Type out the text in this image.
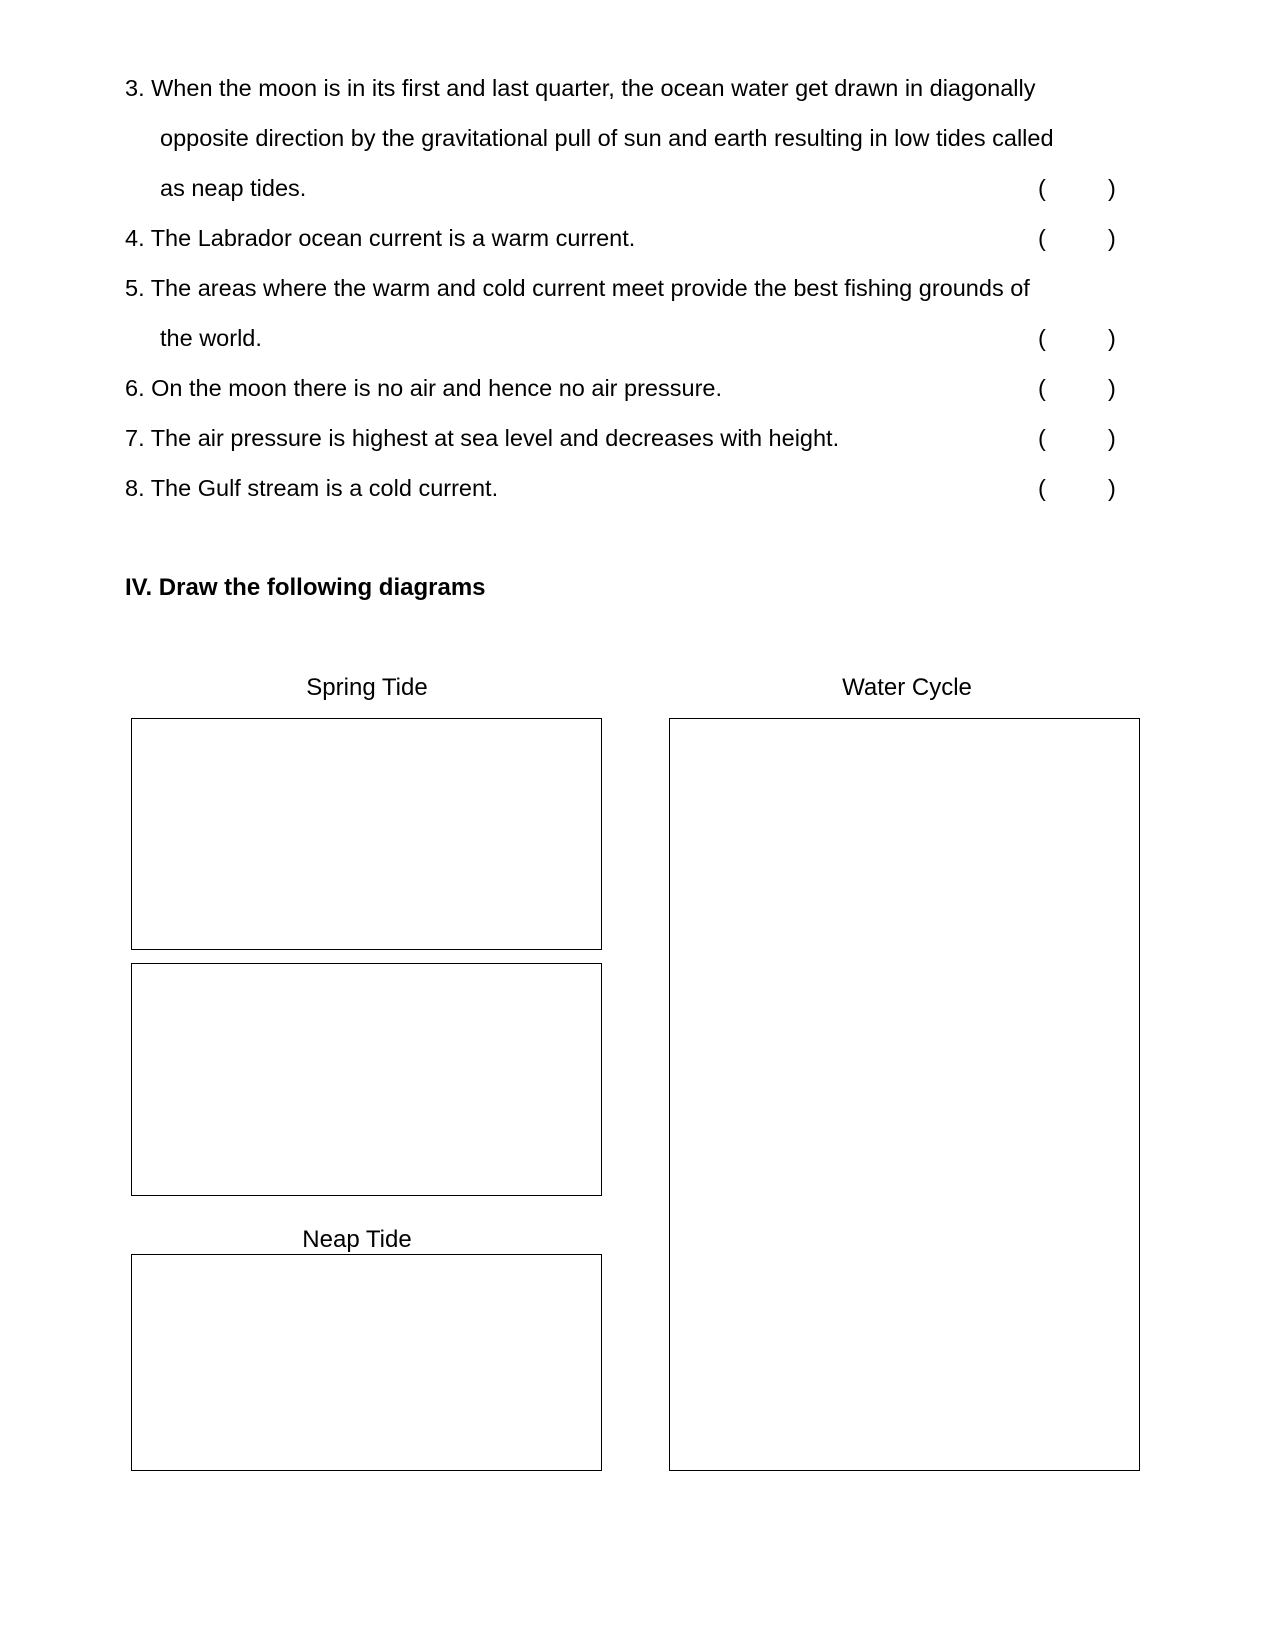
3. When the moon is in its first and last quarter, the ocean water get drawn in diagonally
opposite direction by the gravitational pull of sun and earth resulting in low tides called
as neap tides.	(	)
4. The Labrador ocean current is a warm current.	(	)
5. The areas where the warm and cold current meet provide the best fishing grounds of
the world.	(	)
6. On the moon there is no air and hence no air pressure.	(	)
7. The air pressure is highest at sea level and decreases with height.	(	)
8. The Gulf stream is a cold current.	(	)
IV. Draw the following diagrams
Spring Tide	Water Cycle
Neap Tide
